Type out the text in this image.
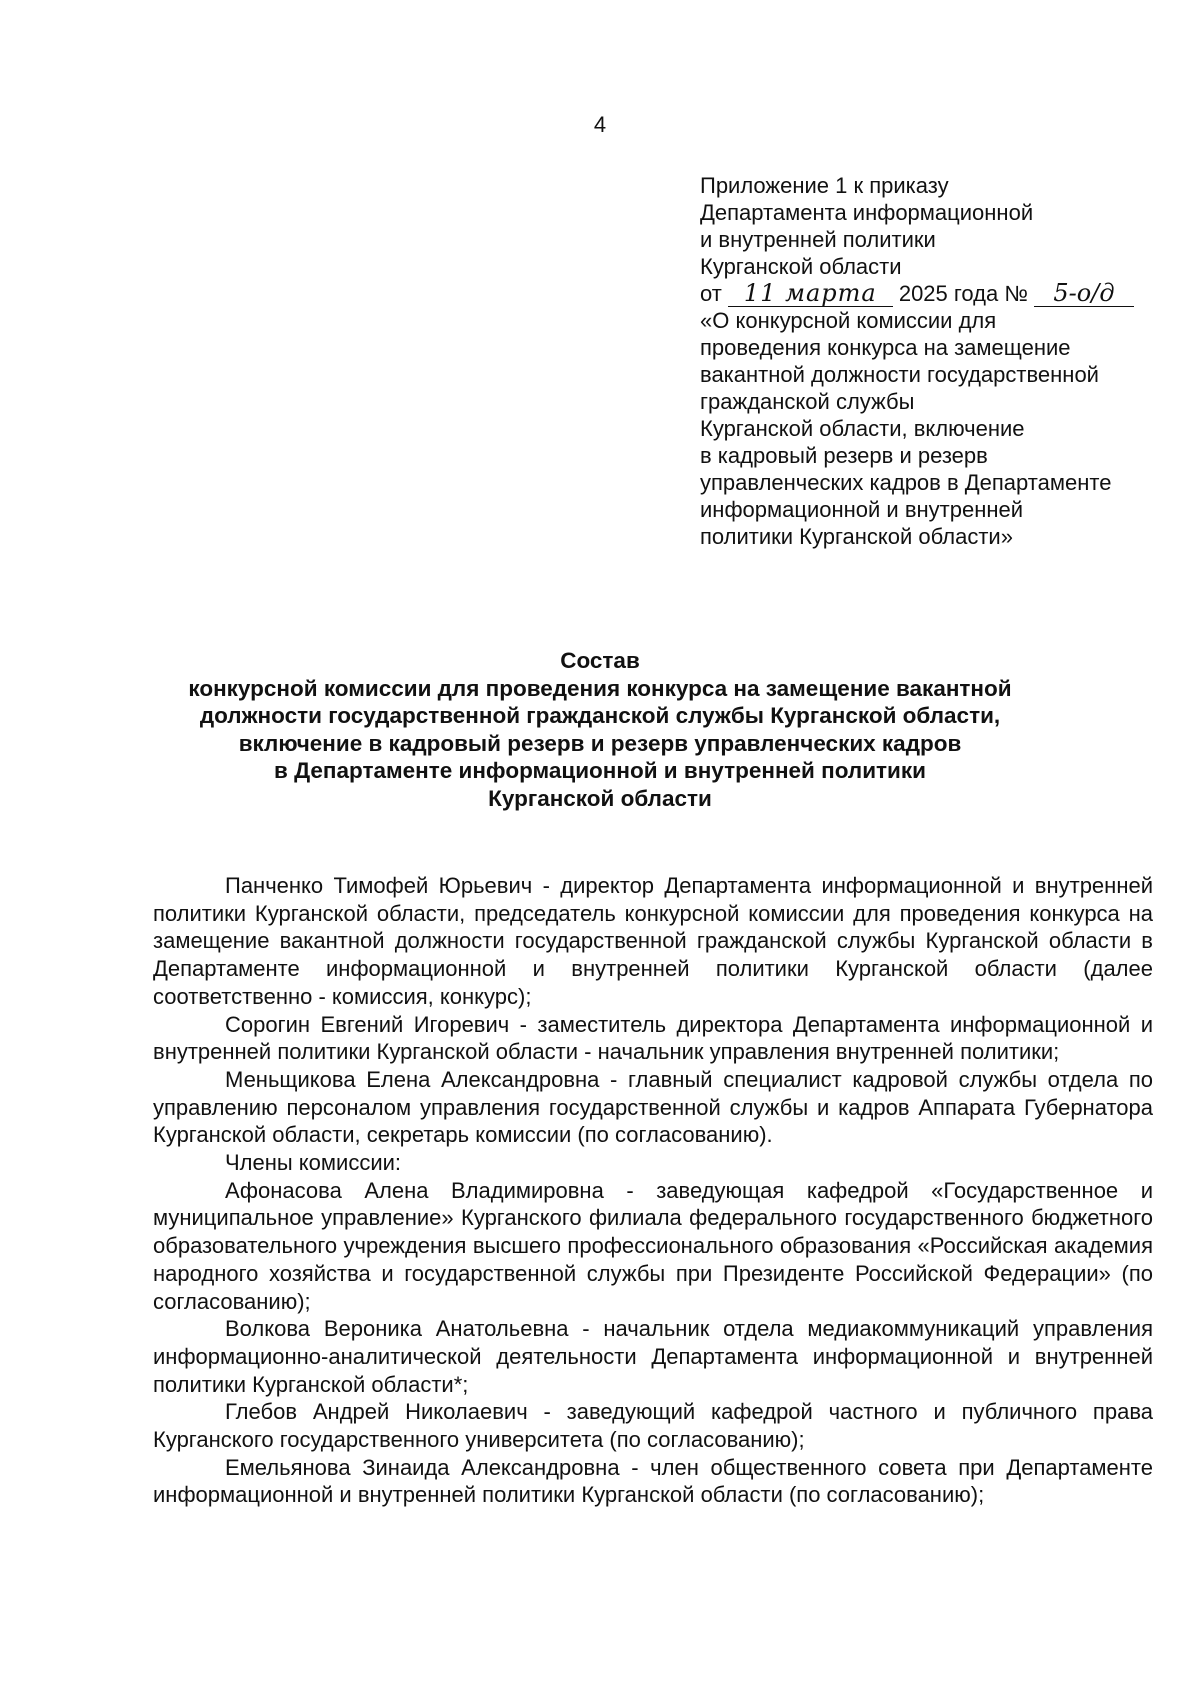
4
Приложение 1 к приказу
Департамента информационной
и внутренней политики
Курганской области
от 11 марта 2025 года № 5-о/д
«О конкурсной комиссии для
проведения конкурса на замещение
вакантной должности государственной
гражданской службы
Курганской области, включение
в кадровый резерв и резерв
управленческих кадров в Департаменте
информационной и внутренней
политики Курганской области»
Состав
конкурсной комиссии для проведения конкурса на замещение вакантной
должности государственной гражданской службы Курганской области,
включение в кадровый резерв и резерв управленческих кадров
в Департаменте информационной и внутренней политики
Курганской области

Панченко Тимофей Юрьевич - директор Департамента информационной и внутренней политики Курганской области, председатель конкурсной комиссии для проведения конкурса на замещение вакантной должности государственной гражданской службы Курганской области в Департаменте информационной и внутренней политики Курганской области (далее соответственно - комиссия, конкурс);

Сорогин Евгений Игоревич - заместитель директора Департамента информационной и внутренней политики Курганской области - начальник управления внутренней политики;

Меньщикова Елена Александровна - главный специалист кадровой службы отдела по управлению персоналом управления государственной службы и кадров Аппарата Губернатора Курганской области, секретарь комиссии (по согласованию).

Члены комиссии:

Афонасова Алена Владимировна - заведующая кафедрой «Государственное и муниципальное управление» Курганского филиала федерального государственного бюджетного образовательного учреждения высшего профессионального образования «Российская академия народного хозяйства и государственной службы при Президенте Российской Федерации» (по согласованию);

Волкова Вероника Анатольевна - начальник отдела медиакоммуникаций управления информационно-аналитической деятельности Департамента информационной и внутренней политики Курганской области*;

Глебов Андрей Николаевич - заведующий кафедрой частного и публичного права Курганского государственного университета (по согласованию);

Емельянова Зинаида Александровна - член общественного совета при Департаменте информационной и внутренней политики Курганской области (по согласованию);
